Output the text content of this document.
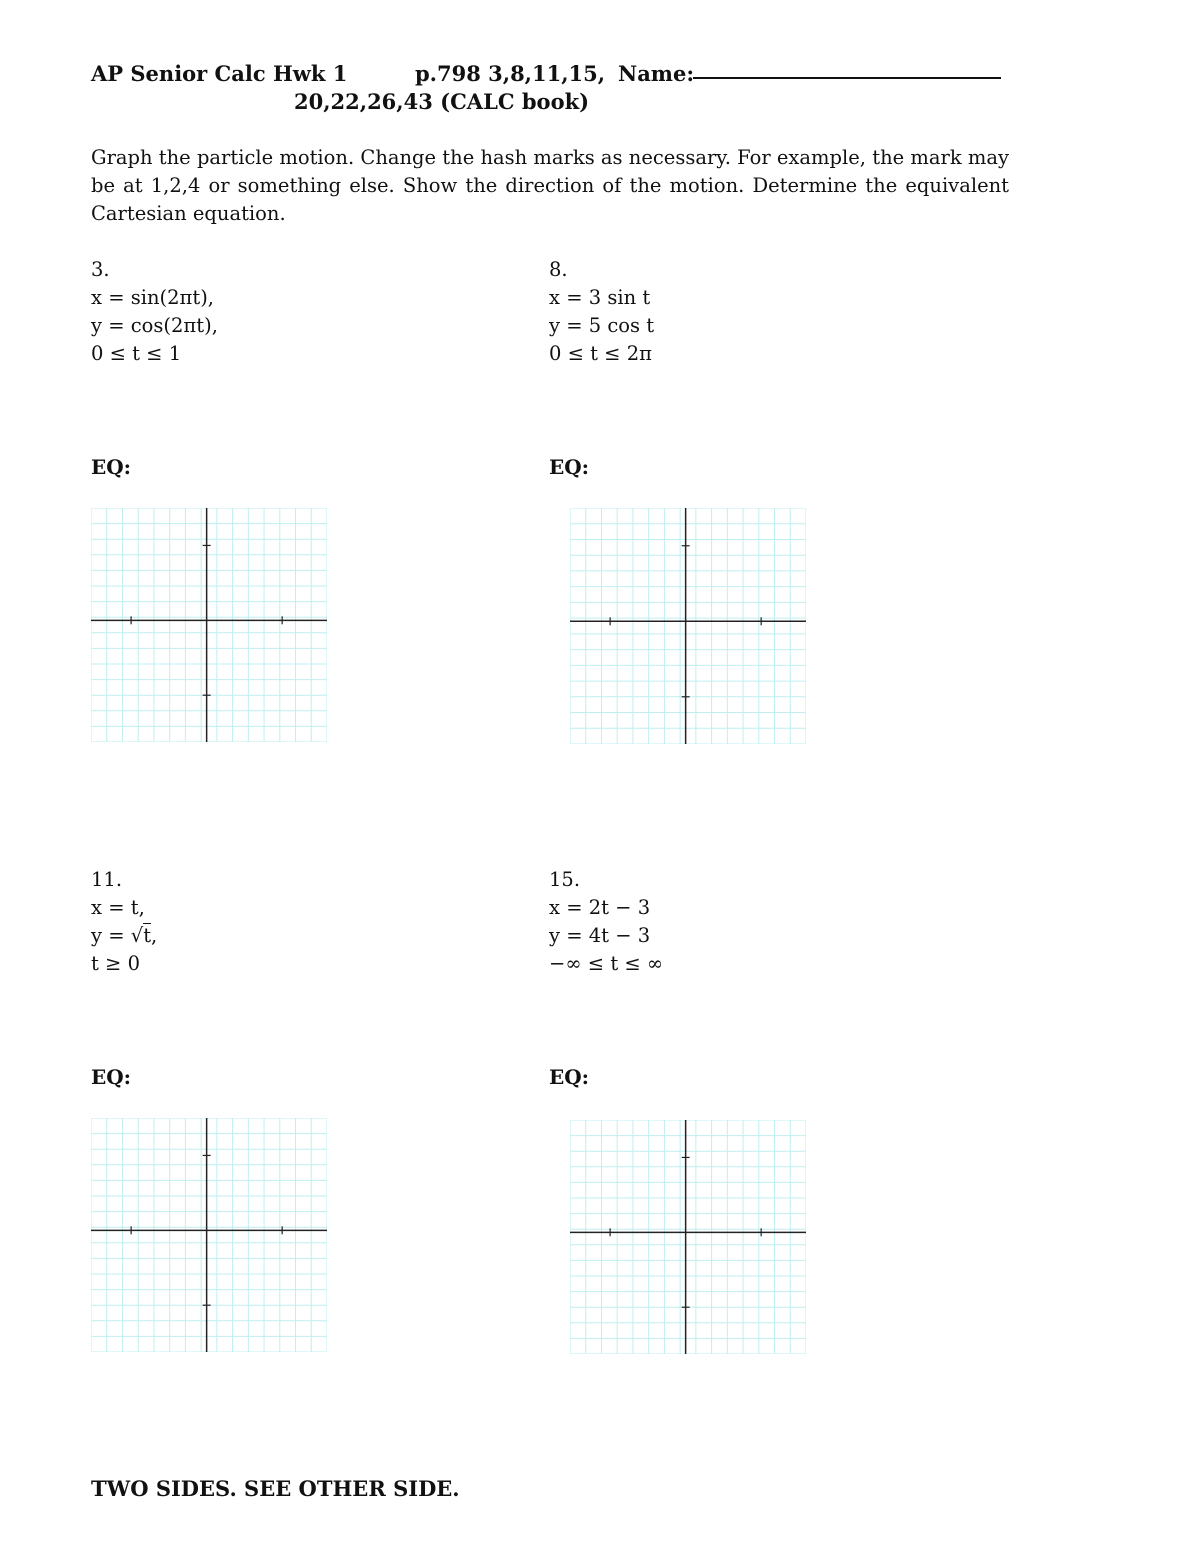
AP Senior Calc Hwk 1	p.798 3,8,11,15, Name:
20,22,26,43 (CALC book)
Graph the particle motion. Change the hash marks as necessary. For example, the mark may be at 1,2,4 or something else. Show the direction of the motion. Determine the equivalent Cartesian equation.
3.
x = sin(2πt),
y = cos(2πt),
0 ≤ t ≤ 1
EQ:
8.
x = 3 sin t
y = 5 cos t
0 ≤ t ≤ 2π
EQ:
11.
x = t,
y = √t,
t ≥ 0
EQ:
15.
x = 2t − 3
y = 4t − 3
−∞ ≤ t ≤ ∞
EQ:
TWO SIDES. SEE OTHER SIDE.
